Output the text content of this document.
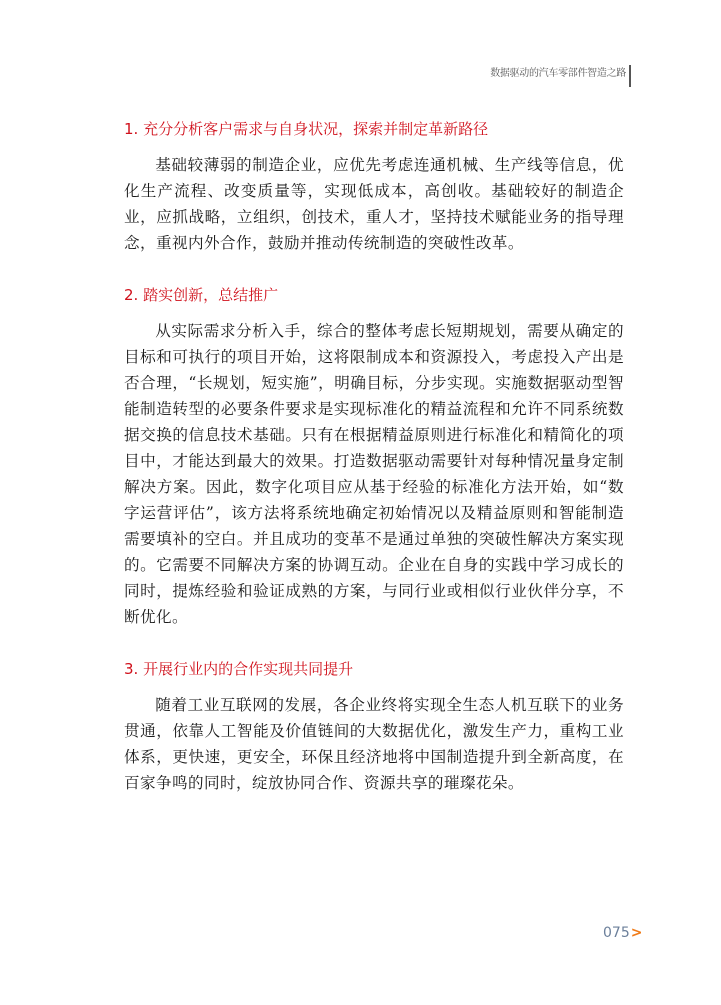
数据驱动的汽车零部件智造之路
1. 充分分析客户需求与自身状况，探索并制定革新路径

基础较薄弱的制造企业，应优先考虑连通机械、生产线等信息，优化生产流程、改变质量等，实现低成本，高创收。基础较好的制造企业，应抓战略，立组织，创技术，重人才，坚持技术赋能业务的指导理念，重视内外合作，鼓励并推动传统制造的突破性改革。

2. 踏实创新，总结推广

从实际需求分析入手，综合的整体考虑长短期规划，需要从确定的目标和可执行的项目开始，这将限制成本和资源投入，考虑投入产出是否合理，“长规划，短实施”，明确目标，分步实现。实施数据驱动型智能制造转型的必要条件要求是实现标准化的精益流程和允许不同系统数据交换的信息技术基础。只有在根据精益原则进行标准化和精简化的项目中，才能达到最大的效果。打造数据驱动需要针对每种情况量身定制解决方案。因此，数字化项目应从基于经验的标准化方法开始，如“数字运营评估”，该方法将系统地确定初始情况以及精益原则和智能制造需要填补的空白。并且成功的变革不是通过单独的突破性解决方案实现的。它需要不同解决方案的协调互动。企业在自身的实践中学习成长的同时，提炼经验和验证成熟的方案，与同行业或相似行业伙伴分享，不断优化。

3. 开展行业内的合作实现共同提升

随着工业互联网的发展，各企业终将实现全生态人机互联下的业务贯通，依靠人工智能及价值链间的大数据优化，激发生产力，重构工业体系，更快速，更安全，环保且经济地将中国制造提升到全新高度，在百家争鸣的同时，绽放协同合作、资源共享的璀璨花朵。

075>
